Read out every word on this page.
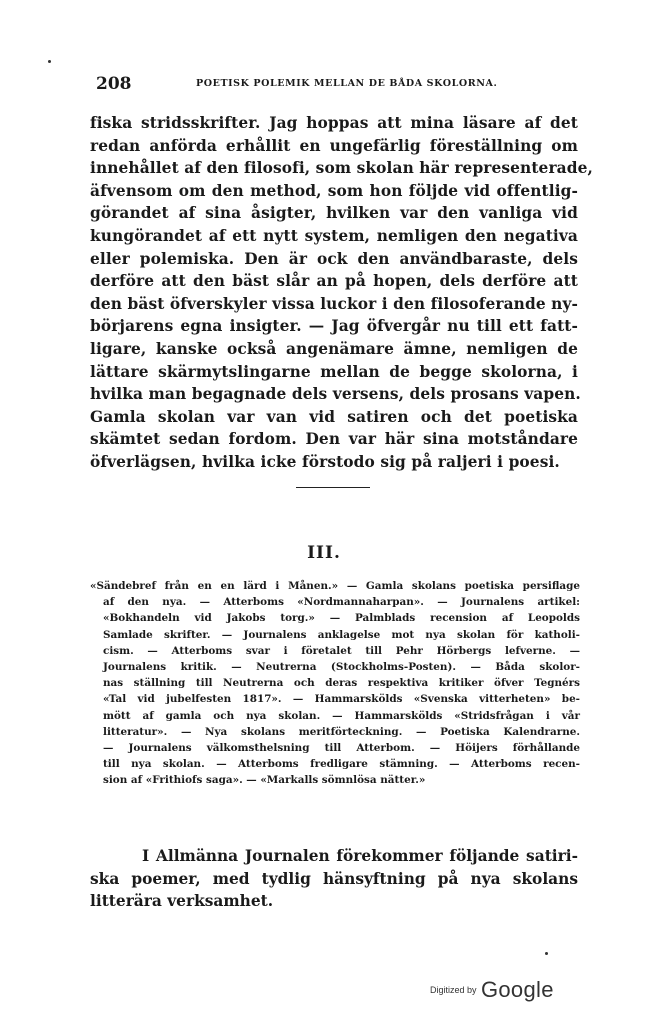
208	POETISK POLEMIK MELLAN DE BÅDA SKOLORNA.
fiska stridsskrifter. Jag hoppas att mina läsare af det
redan anförda erhållit en ungefärlig föreställning om
innehållet af den filosofi, som skolan här representerade,
äfvensom om den method, som hon följde vid offentlig-
görandet af sina åsigter, hvilken var den vanliga vid
kungörandet af ett nytt system, nemligen den negativa
eller polemiska. Den är ock den användbaraste, dels
derföre att den bäst slår an på hopen, dels derföre att
den bäst öfverskyler vissa luckor i den filosoferande ny-
börjarens egna insigter. — Jag öfvergår nu till ett fatt-
ligare, kanske också angenämare ämne, nemligen de
lättare skärmytslingarne mellan de begge skolorna, i
hvilka man begagnade dels versens, dels prosans vapen.
Gamla skolan var van vid satiren och det poetiska
skämtet sedan fordom. Den var här sina motståndare
öfverlägsen, hvilka icke förstodo sig på raljeri i poesi.
III.
«Sändebref från en en lärd i Månen.» — Gamla skolans poetiska persiflage
af den nya. — Atterboms «Nordmannaharpan». — Journalens artikel:
«Bokhandeln vid Jakobs torg.» — Palmblads recension af Leopolds
Samlade skrifter. — Journalens anklagelse mot nya skolan för katholi-
cism. — Atterboms svar i företalet till Pehr Hörbergs lefverne. —
Journalens kritik. — Neutrerna (Stockholms-Posten). — Båda skolor-
nas ställning till Neutrerna och deras respektiva kritiker öfver Tegnérs
«Tal vid jubelfesten 1817». — Hammarskölds «Svenska vitterheten» be-
mött af gamla och nya skolan. — Hammarskölds «Stridsfrågan i vår
litteratur». — Nya skolans meritförteckning. — Poetiska Kalendrarne.
— Journalens välkomsthelsning till Atterbom. — Höijers förhållande
till nya skolan. — Atterboms fredligare stämning. — Atterboms recen-
sion af «Frithiofs saga». — «Markalls sömnlösa nätter.»
I Allmänna Journalen förekommer följande satiri-
ska poemer, med tydlig hänsyftning på nya skolans
litterära verksamhet.
Digitized by Google
